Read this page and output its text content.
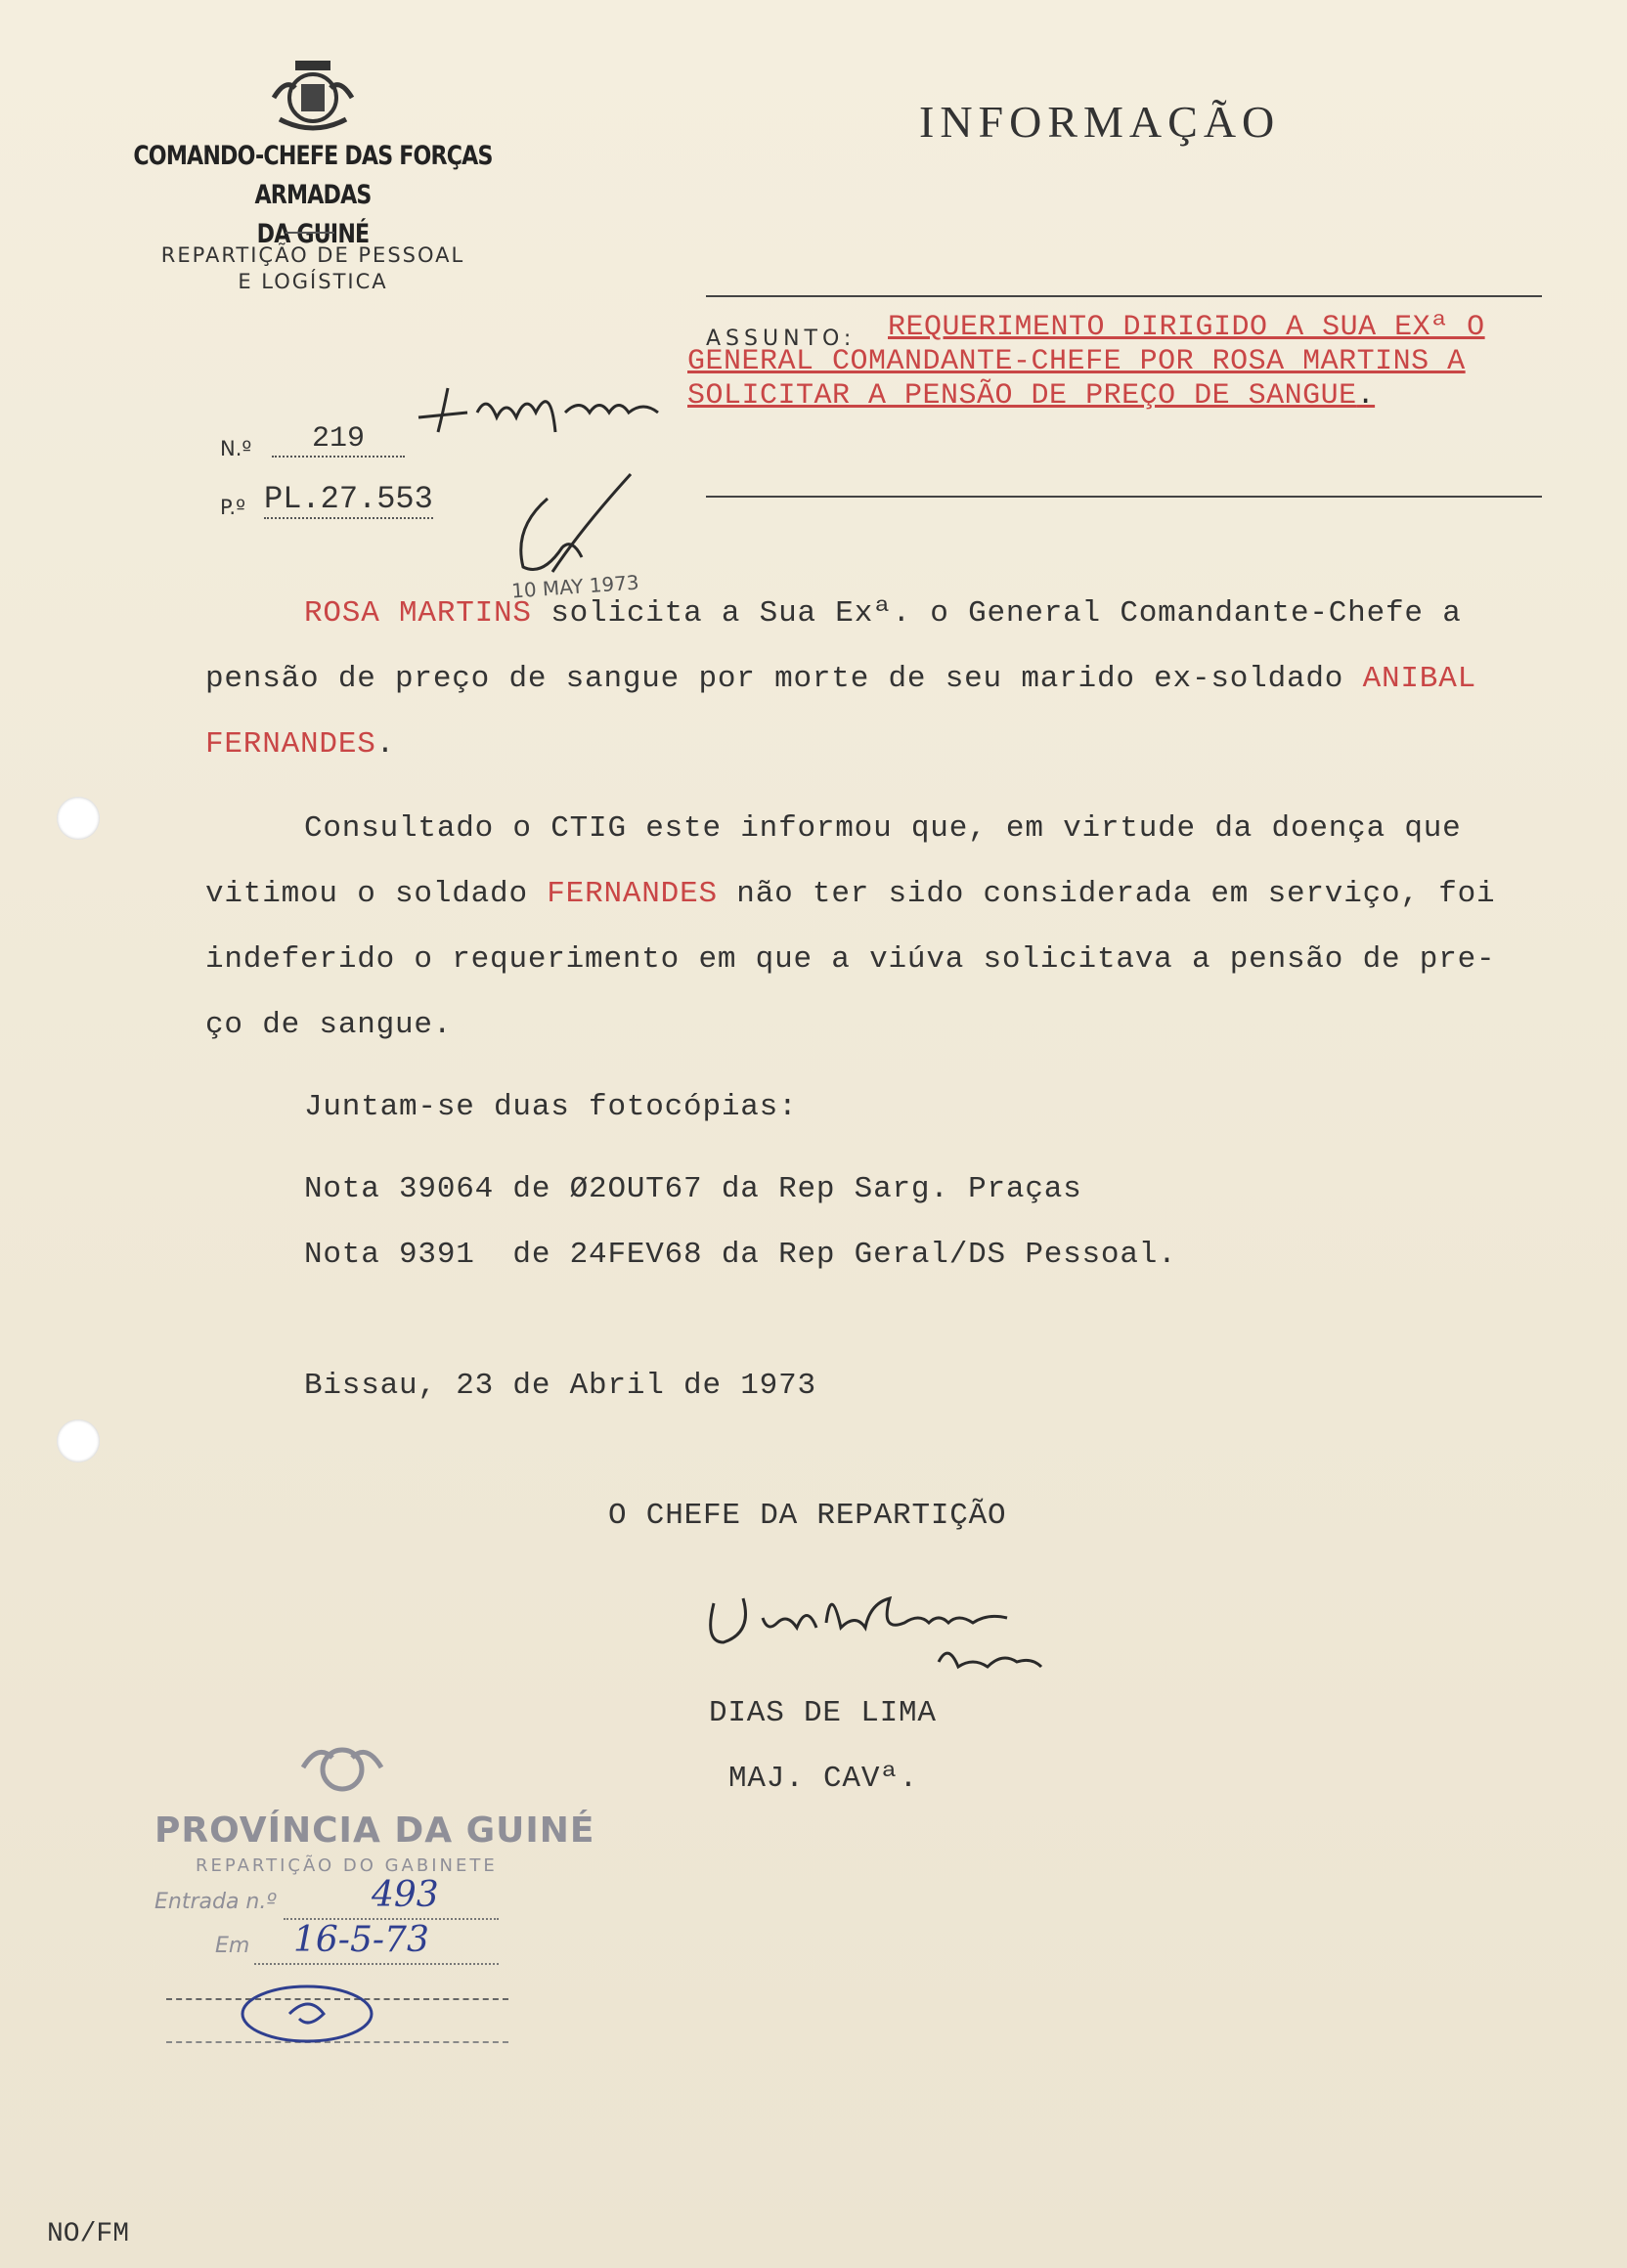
COMANDO-CHEFE DAS FORÇAS ARMADAS
DA GUINÉ
REPARTIÇÃO DE PESSOAL
E LOGÍSTICA
INFORMAÇÃO
ASSUNTO:	REQUERIMENTO DIRIGIDO A SUA EXª O GENERAL COMANDANTE-CHEFE POR ROSA MARTINS A SOLICITAR A PENSÃO DE PREÇO DE SANGUE.
N.º	219
P.º PL.27.553
10 MAY 1973
ROSA MARTINS solicita a Sua Exª. o General Comandante-Chefe a
pensão de preço de sangue por morte de seu marido ex-soldado ANIBAL
FERNANDES.
Consultado o CTIG este informou que, em virtude da doença que
vitimou o soldado FERNANDES não ter sido considerada em serviço, foi
indeferido o requerimento em que a viúva solicitava a pensão de pre-
ço de sangue.
Juntam-se duas fotocópias:
Nota 39064 de Ø2OUT67 da Rep Sarg. Praças
Nota 9391  de 24FEV68 da Rep Geral/DS Pessoal.
Bissau, 23 de Abril de 1973
O CHEFE DA REPARTIÇÃO
DIAS DE LIMA
MAJ. CAVª.
PROVÍNCIA DA GUINÉ
REPARTIÇÃO DO GABINETE
Entrada n.º	493
Em 16-5-73
NO/FM
